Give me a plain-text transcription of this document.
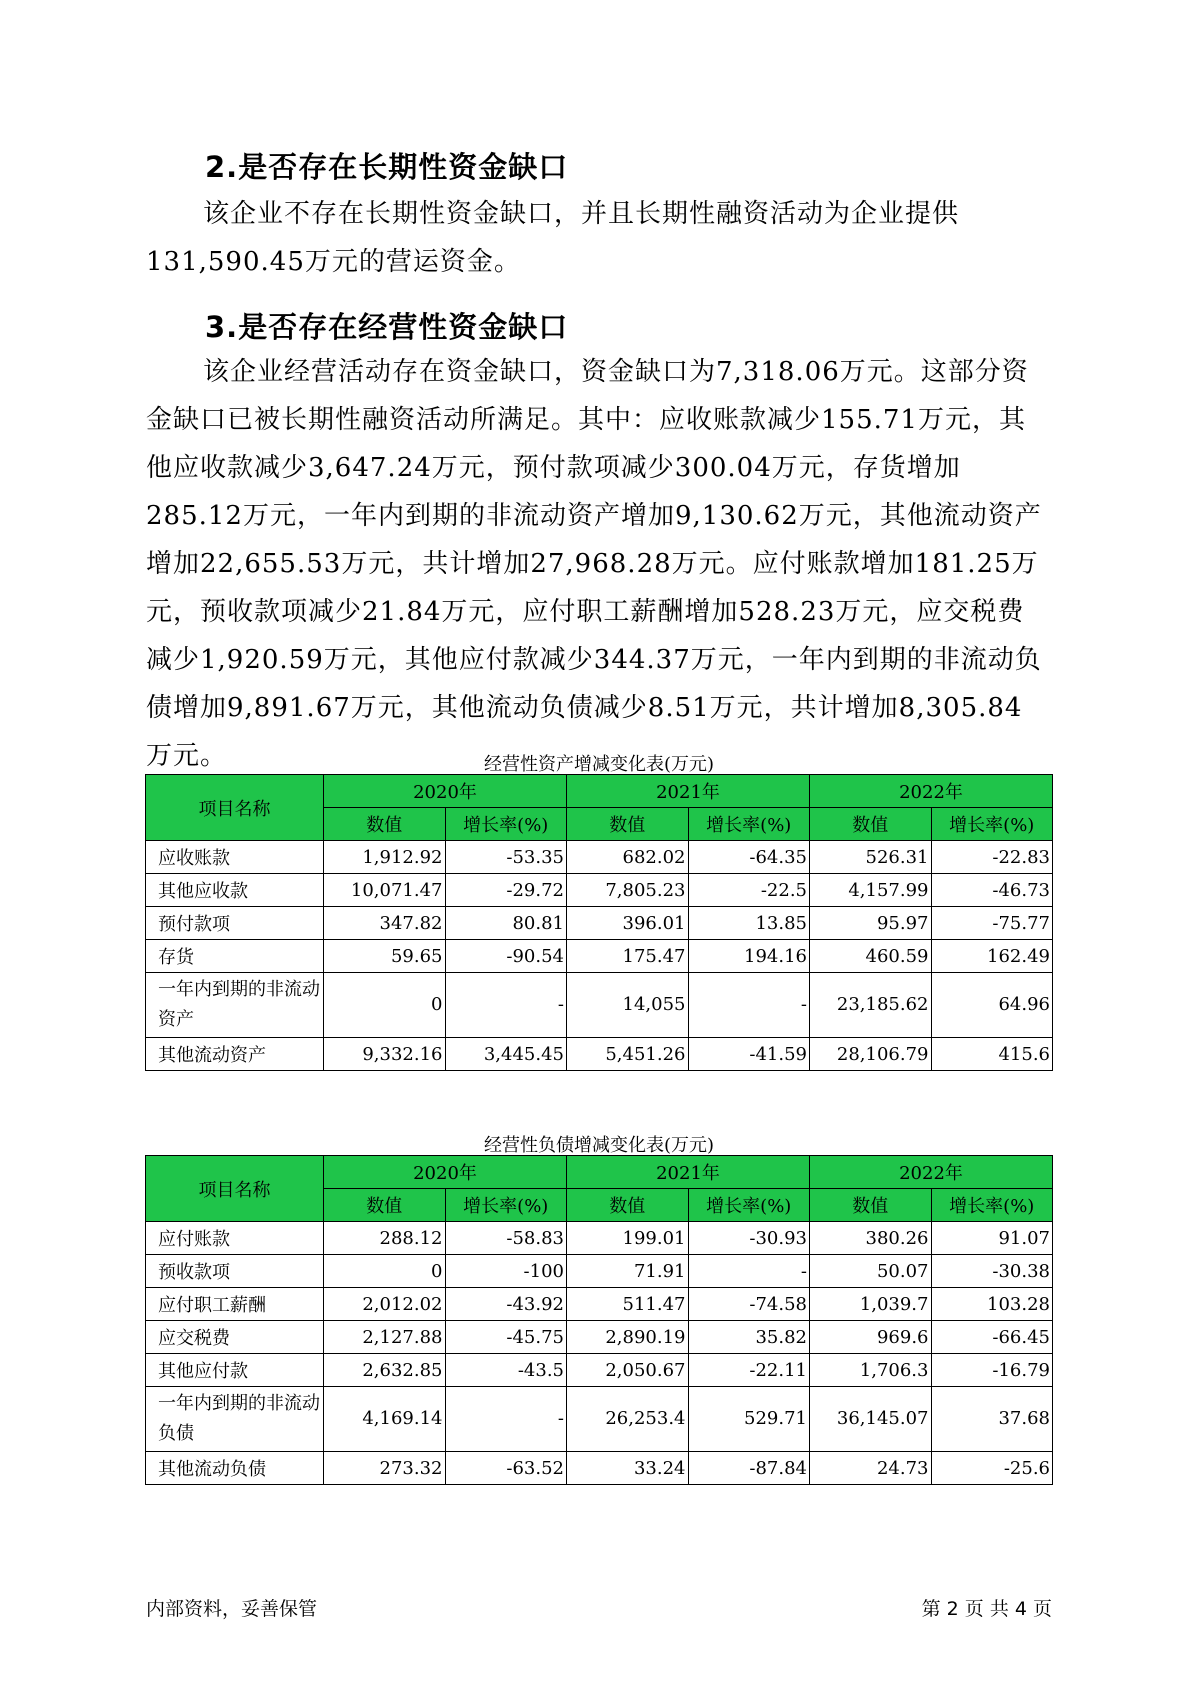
2.是否存在长期性资金缺口
该企业不存在长期性资金缺口，并且长期性融资活动为企业提供131,590.45万元的营运资金。
3.是否存在经营性资金缺口
该企业经营活动存在资金缺口，资金缺口为7,318.06万元。这部分资金缺口已被长期性融资活动所满足。其中：应收账款减少155.71万元，其他应收款减少3,647.24万元，预付款项减少300.04万元，存货增加285.12万元，一年内到期的非流动资产增加9,130.62万元，其他流动资产增加22,655.53万元，共计增加27,968.28万元。应付账款增加181.25万元，预收款项减少21.84万元，应付职工薪酬增加528.23万元，应交税费减少1,920.59万元，其他应付款减少344.37万元，一年内到期的非流动负债增加9,891.67万元，其他流动负债减少8.51万元，共计增加8,305.84万元。	经营性资产增减变化表(万元)
项目名称	2020年		2021年		2022年	
	数值	增长率(%)	数值	增长率(%)	数值	增长率(%)
应收账款	1,912.92	-53.35	682.02	-64.35	526.31	-22.83
其他应收款	10,071.47	-29.72	7,805.23	-22.5	4,157.99	-46.73
预付款项	347.82	80.81	396.01	13.85	95.97	-75.77
存货	59.65	-90.54	175.47	194.16	460.59	162.49
一年内到期的非流动资产	0	-	14,055	-	23,185.62	64.96
其他流动资产	9,332.16	3,445.45	5,451.26	-41.59	28,106.79	415.6
经营性负债增减变化表(万元)
项目名称	2020年		2021年		2022年	
	数值	增长率(%)	数值	增长率(%)	数值	增长率(%)
应付账款	288.12	-58.83	199.01	-30.93	380.26	91.07
预收款项	0	-100	71.91	-	50.07	-30.38
应付职工薪酬	2,012.02	-43.92	511.47	-74.58	1,039.7	103.28
应交税费	2,127.88	-45.75	2,890.19	35.82	969.6	-66.45
其他应付款	2,632.85	-43.5	2,050.67	-22.11	1,706.3	-16.79
一年内到期的非流动负债	4,169.14	-	26,253.4	529.71	36,145.07	37.68
其他流动负债	273.32	-63.52	33.24	-87.84	24.73	-25.6
内部资料，妥善保管	第 2 页 共 4 页
